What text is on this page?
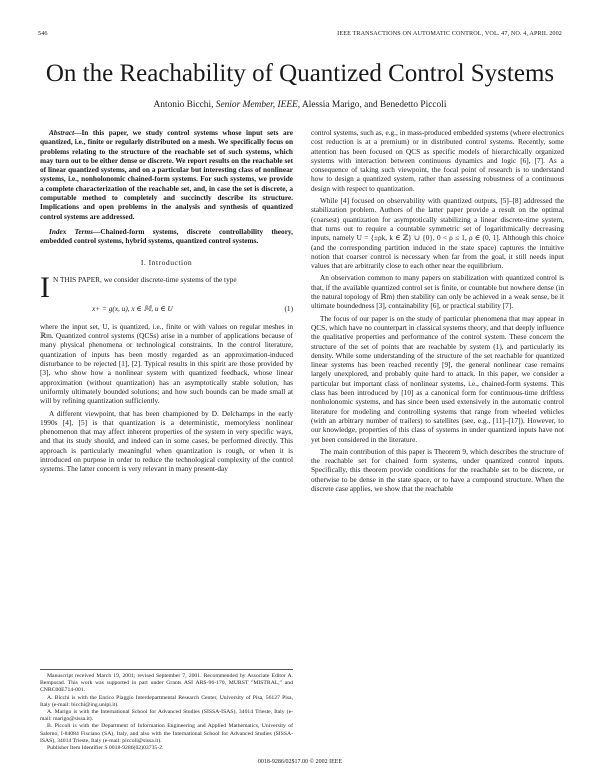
546	IEEE TRANSACTIONS ON AUTOMATIC CONTROL, VOL. 47, NO. 4, APRIL 2002
On the Reachability of Quantized Control Systems
Antonio Bicchi, Senior Member, IEEE, Alessia Marigo, and Benedetto Piccoli

Abstract—In this paper, we study control systems whose input sets are quantized, i.e., finite or regularly distributed on a mesh. We specifically focus on problems relating to the structure of the reachable set of such systems, which may turn out to be either dense or discrete. We report results on the reachable set of linear quantized systems, and on a particular but interesting class of nonlinear systems, i.e., nonholonomic chained-form systems. For such systems, we provide a complete characterization of the reachable set, and, in case the set is discrete, a computable method to completely and succinctly describe its structure. Implications and open problems in the analysis and synthesis of quantized control systems are addressed.

Index Terms—Chained-form systems, discrete controllability theory, embedded control systems, hybrid systems, quantized control systems.

I. Introduction

I N THIS PAPER, we consider discrete-time systems of the type

x+ = g(x, u), x ∈ 𝕄, u ∈ U	(1)

where the input set, U, is quantized, i.e., finite or with values on regular meshes in ℝm. Quantized control systems (QCSs) arise in a number of applications because of many physical phenomena or technological constraints. In the control literature, quantization of inputs has been mostly regarded as an approximation-induced disturbance to be rejected [1], [2]. Typical results in this spirit are those provided by [3], who show how a nonlinear system with quantized feedback, whose linear approximation (without quantization) has an asymptotically stable solution, has uniformly ultimately bounded solutions; and how such bounds can be made small at will by refining quantization sufficiently.

A different viewpoint, that has been championed by D. Delchamps in the early 1990s [4], [5] is that quantization is a deterministic, memoryless nonlinear phenomenon that may affect inherent properties of the system in very specific ways, and that its study should, and indeed can in some cases, be performed directly. This approach is particularly meaningful when quantization is rough, or when it is introduced on purpose in order to reduce the technological complexity of the control systems. The latter concern is very relevant in many present-day

control systems, such as, e.g., in mass-produced embedded systems (where electronics cost reduction is at a premium) or in distributed control systems. Recently, some attention has been focused on QCS as specific models of hierarchically organized systems with interaction between continuous dynamics and logic [6], [7]. As a consequence of taking such viewpoint, the focal point of research is to understand how to design a quantized system, rather than assessing robustness of a continuous design with respect to quantization.

While [4] focused on observability with quantized outputs, [5]–[8] addressed the stabilization problem. Authors of the latter paper provide a result on the optimal (coarsest) quantization for asymptotically stabilizing a linear discrete-time system, that turns out to require a countable symmetric set of logarithmically decreasing inputs, namely U = {±ρk, k ∈ ℤ} ∪ {0}, 0 < ρ ≤ 1, ρ ∈ (0, 1]. Although this choice (and the corresponding partition induced in the state space) captures the intuitive notion that coarser control is necessary when far from the goal, it still needs input values that are arbitrarily close to each other near the equilibrium.

An observation common to many papers on stabilization with quantized control is that, if the available quantized control set is finite, or countable but nowhere dense (in the natural topology of ℝm) then stability can only be achieved in a weak sense, be it ultimate boundedness [3], containability [6], or practical stability [7].

The focus of our paper is on the study of particular phenomena that may appear in QCS, which have no counterpart in classical systems theory, and that deeply influence the qualitative properties and performance of the control system. These concern the structure of the set of points that are reachable by system (1), and particularly its density. While some understanding of the structure of the set reachable for quantized linear systems has been reached recently [9], the general nonlinear case remains largely unexplored, and probably quite hard to attack. In this paper, we consider a particular but important class of nonlinear systems, i.e., chained-form systems. This class has been introduced by [10] as a canonical form for continuous-time driftless nonholonomic systems, and has since been used extensively in the automatic control literature for modeling and controlling systems that range from wheeled vehicles (with an arbitrary number of trailers) to satellites (see, e.g., [11]–[17]). However, to our knowledge, properties of this class of systems in under quantized inputs have not yet been considered in the literature.

The main contribution of this paper is Theorem 9, which describes the structure of the reachable set for chained form systems, under quantized control inputs. Specifically, this theorem provide conditions for the reachable set to be discrete, or otherwise to be dense in the state space, or to have a compound structure. When the discrete case applies, we show that the reachable

Manuscript received March 19, 2001; revised September 7, 2001. Recommended by Associate Editor A. Bemporad. This work was supported in part under Grants ASI ARS-96-170, MURST "MISTRAL," and CNRC00E714-001.

A. Bicchi is with the Enrico Piaggio Interdepartmental Research Center, University of Pisa, 56127 Pisa, Italy (e-mail: bicchi@ing.unipi.it).

A. Marigo is with the International School for Advanced Studies (SISSA-ISAS), 34014 Trieste, Italy (e-mail: marigo@sissa.it).

B. Piccoli is with the Department of Information Engineering and Applied Mathematics, University of Salerno, I-84084 Fisciano (SA), Italy, and also with the International School for Advanced Studies (SISSA-ISAS), 34014 Trieste, Italy (e-mail: piccoli@sissa.it).

Publisher Item Identifier S 0018-9286(02)03735-2.

0018-9286/02$17.00 © 2002 IEEE
